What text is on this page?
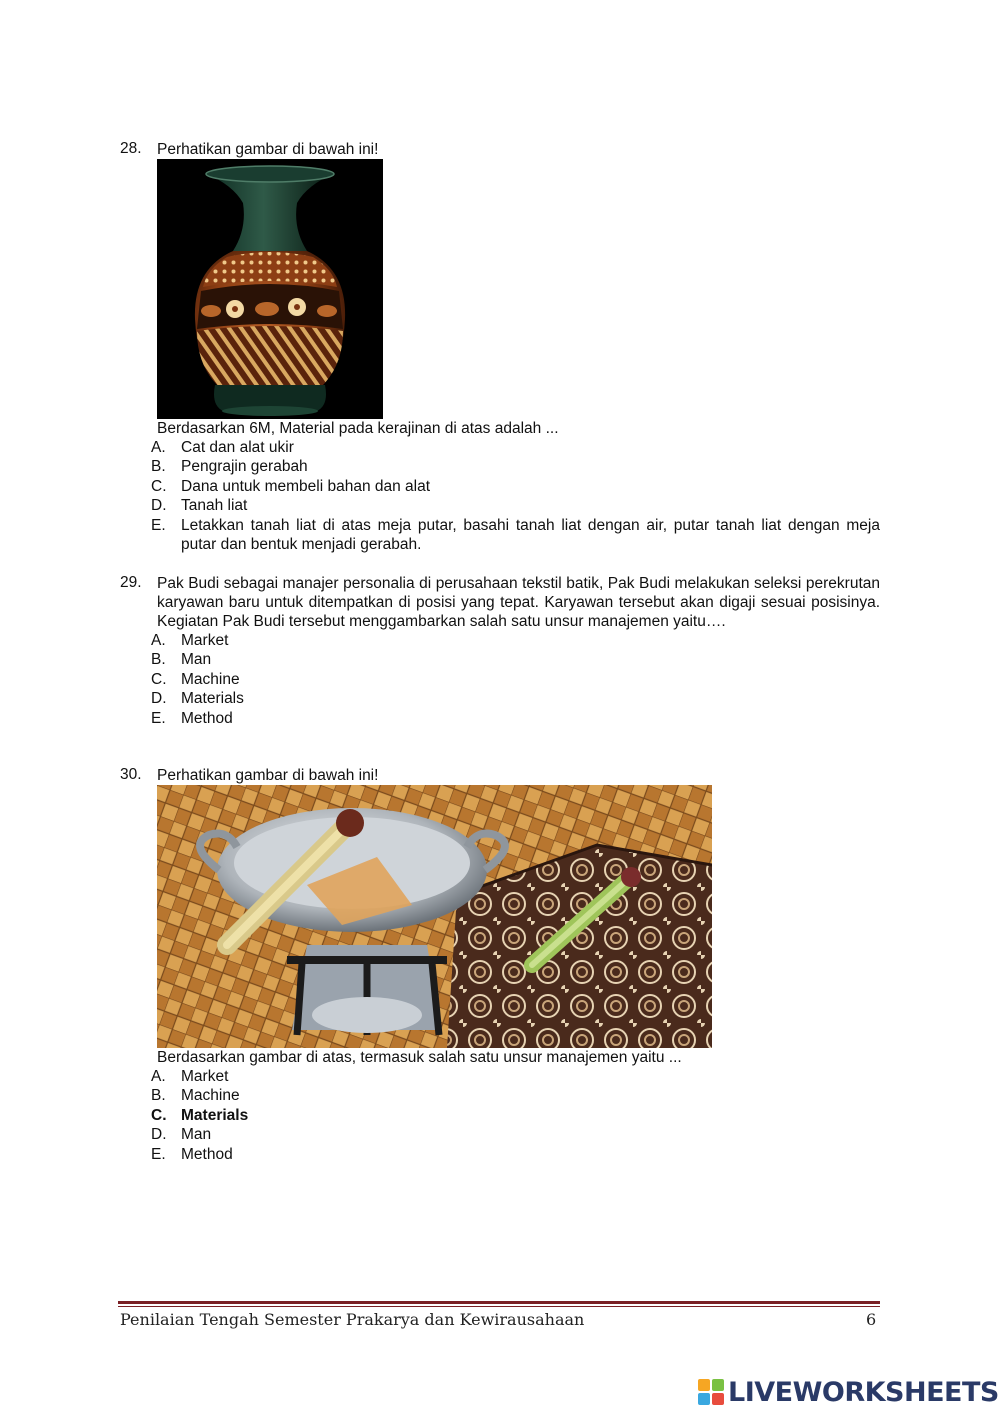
28. Perhatikan gambar di bawah ini!
Berdasarkan 6M, Material pada kerajinan di atas adalah ...
A. Cat dan alat ukir
B. Pengrajin gerabah
C. Dana untuk membeli bahan dan alat
D. Tanah liat
E. Letakkan tanah liat di atas meja putar, basahi tanah liat dengan air, putar tanah liat dengan meja putar dan bentuk menjadi gerabah.
29. Pak Budi sebagai manajer personalia di perusahaan tekstil batik, Pak Budi melakukan seleksi perekrutan karyawan baru untuk ditempatkan di posisi yang tepat. Karyawan tersebut akan digaji sesuai posisinya. Kegiatan Pak Budi tersebut menggambarkan salah satu unsur manajemen yaitu….
A. Market
B. Man
C. Machine
D. Materials
E. Method
30. Perhatikan gambar di bawah ini!
Berdasarkan gambar di atas, termasuk salah satu unsur manajemen yaitu ...
A. Market
B. Machine
C. Materials
D. Man
E. Method
Penilaian Tengah Semester Prakarya dan Kewirausahaan	6
LIVEWORKSHEETS
